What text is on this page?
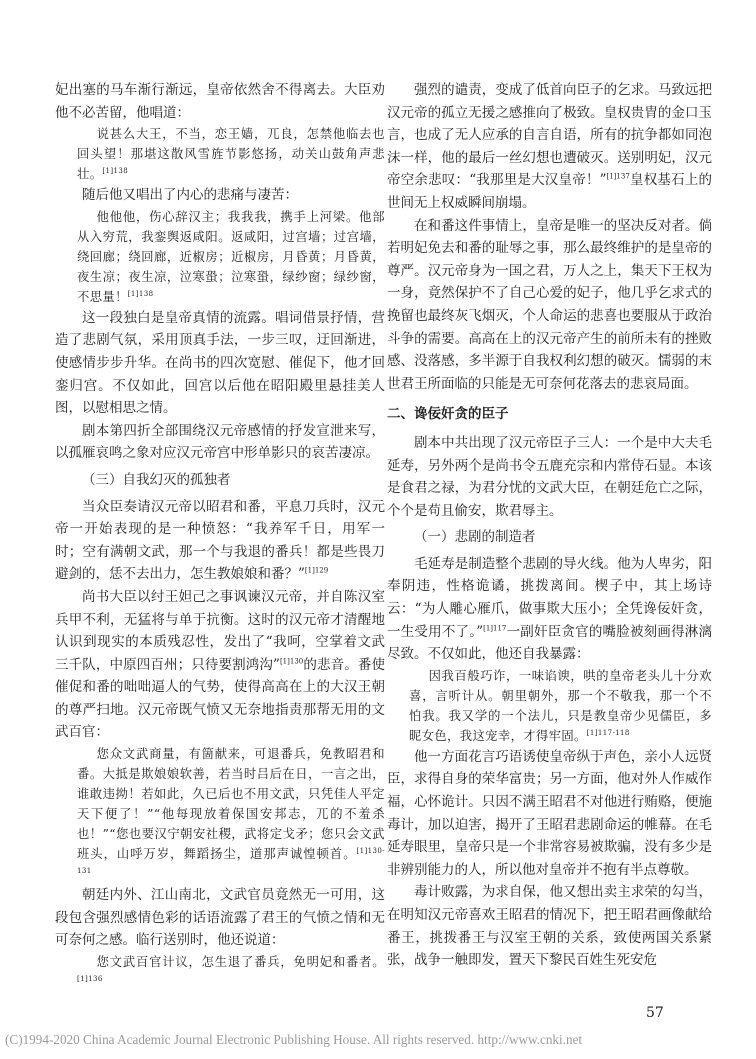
妃出塞的马车渐行渐远，皇帝依然舍不得离去。大臣劝他不必苦留，他唱道：

说甚么大王，不当，恋王嫱，兀良，怎禁他临去也回头望！那堪这散风雪旌节影悠扬，动关山鼓角声悲壮。$^{[1]138}$

随后他又唱出了内心的悲痛与凄苦：

他他他，伤心辞汉主；我我我，携手上河梁。他部从入穷荒，我銮舆返咸阳。返咸阳，过宫墙；过宫墙，绕回廊；绕回廊，近椒房；近椒房，月昏黄；月昏黄，夜生凉；夜生凉，泣寒蛩；泣寒蛩，绿纱窗；绿纱窗，不思量！$^{[1]138}$

这一段独白是皇帝真情的流露。唱词借景抒情，营造了悲剧气氛，采用顶真手法，一步三叹，迂回渐进，使感情步步升华。在尚书的四次宽慰、催促下，他才回銮归宫。不仅如此，回宫以后他在昭阳殿里悬挂美人图，以慰相思之情。

剧本第四折全部围绕汉元帝感情的抒发宣泄来写，以孤雁哀鸣之象对应汉元帝宫中形单影只的哀苦凄凉。

（三）自我幻灭的孤独者

当众臣奏请汉元帝以昭君和番，平息刀兵时，汉元帝一开始表现的是一种愤怒：“我养军千日，用军一时；空有满朝文武，那一个与我退的番兵！都是些畏刀避剑的，恁不去出力，怎生教娘娘和番？”$^{[1]129}$

尚书大臣以纣王妲己之事讽谏汉元帝，并自陈汉室兵甲不利，无猛将与单于抗衡。这时的汉元帝才清醒地认识到现实的本质残忍性，发出了“我呵，空掌着文武三千队，中原四百州；只待要割鸿沟”$^{[1]130}$的悲音。番使催促和番的咄咄逼人的气势，使得高高在上的大汉王朝的尊严扫地。汉元帝既气愤又无奈地指责那帮无用的文武百官：

您众文武商量，有箇献来，可退番兵，免教昭君和番。大抵是欺娘娘软善，若当时吕后在日，一言之出，谁敢违拗！若如此，久已后也不用文武，只凭佳人平定天下便了！”“他每现放着保国安邦志，兀的不羞杀也！”“您也要汉宁朝安社稷，武将定戈矛；您只会文武班头，山呼万岁，舞蹈扬尘，道那声诚惶顿首。$^{[1]130-131}$

朝廷内外、江山南北，文武官员竟然无一可用，这段包含强烈感情色彩的话语流露了君王的气愤之情和无可奈何之感。临行送别时，他还说道：

您文武百官计议，怎生退了番兵，免明妃和番者。$^{[1]136}$

强烈的谴责，变成了低首向臣子的乞求。马致远把汉元帝的孤立无援之感推向了极致。皇权贵胄的金口玉言，也成了无人应承的自言自语，所有的抗争都如同泡沫一样，他的最后一丝幻想也遭破灭。送别明妃，汉元帝空余悲叹：“我那里是大汉皇帝！”$^{[1]137}$皇权基石上的世间无上权威瞬间崩塌。

在和番这件事情上，皇帝是唯一的坚决反对者。倘若明妃免去和番的耻辱之事，那么最终维护的是皇帝的尊严。汉元帝身为一国之君，万人之上，集天下王权为一身，竟然保护不了自己心爱的妃子，他几乎乞求式的挽留也最终灰飞烟灭，个人命运的悲喜也要服从于政治斗争的需要。高高在上的汉元帝产生的前所未有的挫败感、没落感，多半源于自我权利幻想的破灭。懦弱的末世君王所面临的只能是无可奈何花落去的悲哀局面。

二、谗佞奸贪的臣子

剧本中共出现了汉元帝臣子三人：一个是中大夫毛延寿，另外两个是尚书令五鹿充宗和内常侍石显。本该是食君之禄，为君分忧的文武大臣，在朝廷危亡之际，个个是苟且偷安，欺君辱主。

（一）悲剧的制造者

毛延寿是制造整个悲剧的导火线。他为人卑劣，阳奉阴违，性格诡谲，挑拨离间。楔子中，其上场诗云：“为人雕心雁爪，做事欺大压小；全凭谗佞奸贪，一生受用不了。”$^{[1]117}$一副奸臣贪官的嘴脸被刻画得淋漓尽致。不仅如此，他还自我暴露：

因我百般巧诈，一味谄谀，哄的皇帝老头儿十分欢喜，言听计从。朝里朝外，那一个不敬我，那一个不怕我。我又学的一个法儿，只是教皇帝少见儒臣，多昵女色，我这宠幸，才得牢固。$^{[1]117-118}$

他一方面花言巧语诱使皇帝纵于声色，亲小人远贤臣，求得自身的荣华富贵；另一方面，他对外人作威作福，心怀诡计。只因不满王昭君不对他进行贿赂，便施毒计，加以迫害，揭开了王昭君悲剧命运的帷幕。在毛延寿眼里，皇帝只是一个非常容易被欺骗，没有多少是非辨别能力的人，所以他对皇帝并不抱有半点尊敬。

毒计败露，为求自保，他又想出卖主求荣的勾当，在明知汉元帝喜欢王昭君的情况下，把王昭君画像献给番王，挑拨番王与汉室王朝的关系，致使两国关系紧张，战争一触即发，置天下黎民百姓生死安危

57
(C)1994-2020 China Academic Journal Electronic Publishing House. All rights reserved. http://www.cnki.net
